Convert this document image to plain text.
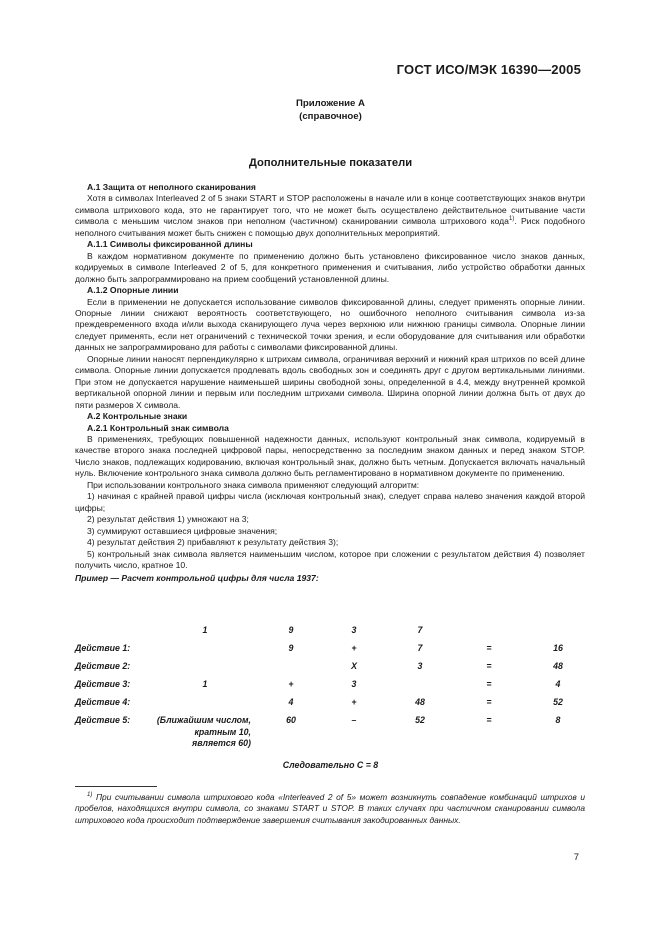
ГОСТ ИСО/МЭК 16390—2005
Приложение А
(справочное)
Дополнительные показатели

А.1 Защита от неполного сканирования

Хотя в символах Interleaved 2 of 5 знаки START и STOP расположены в начале или в конце соответствующих знаков внутри символа штрихового кода, это не гарантирует того, что не может быть осуществлено действительное считывание части символа с меньшим числом знаков при неполном (частичном) сканировании символа штрихового кода$^{1)}$. Риск подобного неполного считывания может быть снижен с помощью двух дополнительных мероприятий.

А.1.1 Символы фиксированной длины

В каждом нормативном документе по применению должно быть установлено фиксированное число знаков данных, кодируемых в символе Interleaved 2 of 5, для конкретного применения и считывания, либо устройство обработки данных должно быть запрограммировано на прием сообщений установленной длины.

А.1.2 Опорные линии

Если в применении не допускается использование символов фиксированной длины, следует применять опорные линии. Опорные линии снижают вероятность соответствующего, но ошибочного неполного считывания символа из-за преждевременного входа и/или выхода сканирующего луча через верхнюю или нижнюю границы символа. Опорные линии следует применять, если нет ограничений с технической точки зрения, и если оборудование для считывания или обработки данных не запрограммировано для работы с символами фиксированной длины.

Опорные линии наносят перпендикулярно к штрихам символа, ограничивая верхний и нижний края штрихов по всей длине символа. Опорные линии допускается продлевать вдоль свободных зон и соединять друг с другом вертикальными линиями. При этом не допускается нарушение наименьшей ширины свободной зоны, определенной в 4.4, между внутренней кромкой вертикальной опорной линии и первым или последним штрихами символа. Ширина опорной линии должна быть от двух до пяти размеров X символа.

А.2 Контрольные знаки

А.2.1 Контрольный знак символа

В применениях, требующих повышенной надежности данных, используют контрольный знак символа, кодируемый в качестве второго знака последней цифровой пары, непосредственно за последним знаком данных и перед знаком STOP. Число знаков, подлежащих кодированию, включая контрольный знак, должно быть четным. Допускается включать начальный нуль. Включение контрольного знака символа должно быть регламентировано в нормативном документе по применению.

При использовании контрольного знака символа применяют следующий алгоритм:

1) начиная с крайней правой цифры числа (исключая контрольный знак), следует справа налево значения каждой второй цифры;

2) результат действия 1) умножают на 3;

3) суммируют оставшиеся цифровые значения;

4) результат действия 2) прибавляют к результату действия 3);

5) контрольный знак символа является наименьшим числом, которое при сложении с результатом действия 4) позволяет получить число, кратное 10.

Пример — Расчет контрольной цифры для числа 1937:

	1	9	3	7		
Действие 1:		9	+	7	=	16
Действие 2:			X	3	=	48
Действие 3:	1	+	3		=	4
Действие 4:		4	+	48	=	52
Действие 5:	(Ближайшим числом, кратным 10, является 60)	60	–	52	=	8
Следовательно С = 8
$^{1)}$ При считывании символа штрихового кода «Interleaved 2 of 5» может возникнуть совпадение комбинаций штрихов и пробелов, находящихся внутри символа, со знаками START и STOP. В таких случаях при частичном сканировании символа штрихового кода происходит подтверждение завершения считывания закодированных данных.
7
